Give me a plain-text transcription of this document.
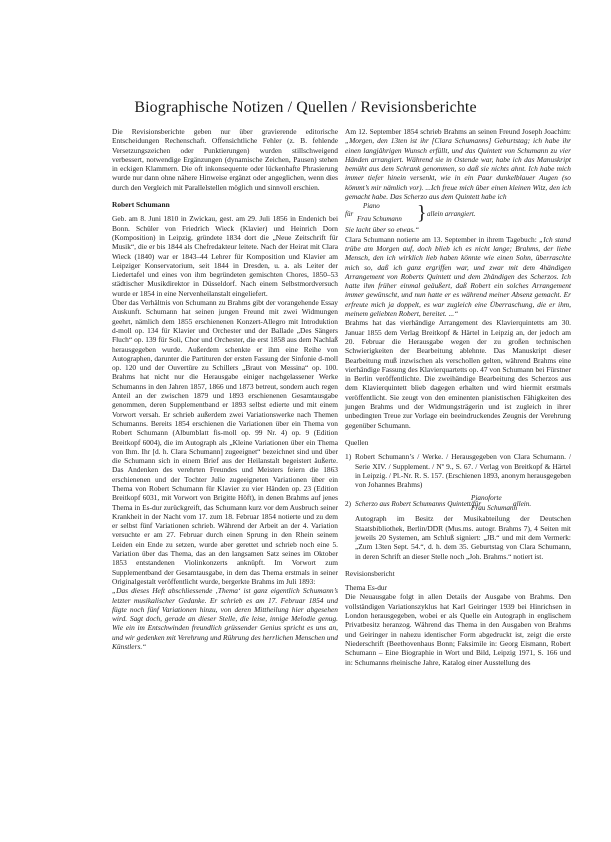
Biographische Notizen / Quellen / Revisionsberichte

Die Revisionsberichte geben nur über gravierende editorische Entscheidungen Rechenschaft. Offensichtliche Fehler (z. B. fehlende Versetzungszeichen oder Punktierungen) wurden stillschweigend verbessert, notwendige Ergänzungen (dynamische Zeichen, Pausen) stehen in eckigen Klammern. Die oft inkonsequente oder lückenhafte Phrasierung wurde nur dann ohne nähere Hinweise ergänzt oder angeglichen, wenn dies durch den Vergleich mit Parallelstellen möglich und sinnvoll erschien.

Robert Schumann

Geb. am 8. Juni 1810 in Zwickau, gest. am 29. Juli 1856 in Endenich bei Bonn. Schüler von Friedrich Wieck (Klavier) und Heinrich Dorn (Komposition) in Leipzig, gründete 1834 dort die „Neue Zeitschrift für Musik“, die er bis 1844 als Chefredakteur leitete. Nach der Heirat mit Clara Wieck (1840) war er 1843–44 Lehrer für Komposition und Klavier am Leipziger Konservatorium, seit 1844 in Dresden, u. a. als Leiter der Liedertafel und eines von ihm begründeten gemischten Chores, 1850–53 städtischer Musikdirektor in Düsseldorf. Nach einem Selbstmordversuch wurde er 1854 in eine Nervenheilanstalt eingeliefert.

Über das Verhältnis von Schumann zu Brahms gibt der vorangehende Essay Auskunft. Schumann hat seinen jungen Freund mit zwei Widmungen geehrt, nämlich dem 1855 erschienenen Konzert-Allegro mit Introduktion d-moll op. 134 für Klavier und Orchester und der Ballade „Des Sängers Fluch“ op. 139 für Soli, Chor und Orchester, die erst 1858 aus dem Nachlaß herausgegeben wurde. Außerdem schenkte er ihm eine Reihe von Autographen, darunter die Partituren der ersten Fassung der Sinfonie d-moll op. 120 und der Ouvertüre zu Schillers „Braut von Messina“ op. 100. Brahms hat nicht nur die Herausgabe einiger nachgelassener Werke Schumanns in den Jahren 1857, 1866 und 1873 betreut, sondern auch regen Anteil an der zwischen 1879 und 1893 erschienenen Gesamtausgabe genommen, deren Supplementband er 1893 selbst edierte und mit einem Vorwort versah. Er schrieb außerdem zwei Variationswerke nach Themen Schumanns. Bereits 1854 erschienen die Variationen über ein Thema von Robert Schumann (Albumblatt fis-moll op. 99 Nr. 4) op. 9 (Edition Breitkopf 6004), die im Autograph als „Kleine Variationen über ein Thema von Ihm. Ihr [d. h. Clara Schumann] zugeeignet“ bezeichnet sind und über die Schumann sich in einem Brief aus der Heilanstalt begeistert äußerte. Das Andenken des verehrten Freundes und Meisters feiern die 1863 erschienenen und der Tochter Julie zugeeigneten Variationen über ein Thema von Robert Schumann für Klavier zu vier Händen op. 23 (Edition Breitkopf 6031, mit Vorwort von Brigitte Höft), in denen Brahms auf jenes Thema in Es-dur zurückgreift, das Schumann kurz vor dem Ausbruch seiner Krankheit in der Nacht vom 17. zum 18. Februar 1854 notierte und zu dem er selbst fünf Variationen schrieb. Während der Arbeit an der 4. Variation versuchte er am 27. Februar durch einen Sprung in den Rhein seinem Leiden ein Ende zu setzen, wurde aber gerettet und schrieb noch eine 5. Variation über das Thema, das an den langsamen Satz seines im Oktober 1853 entstandenen Violinkonzerts anknüpft. Im Vorwort zum Supplementband der Gesamtausgabe, in dem das Thema erstmals in seiner Originalgestalt veröffentlicht wurde, bergerkte Brahms im Juli 1893:

„Das dieses Heft abschliessende ‚Thema‘ ist ganz eigentlich Schumann’s letzter musikalischer Gedanke. Er schrieb es am 17. Februar 1854 und fügte noch fünf Variationen hinzu, von deren Mittheilung hier abgesehen wird. Sagt doch, gerade an dieser Stelle, die leise, innige Melodie genug. Wie ein im Entschwinden freundlich grüssender Genius spricht es uns an, und wir gedenken mit Verehrung und Rührung des herrlichen Menschen und Künstlers.“

Am 12. September 1854 schrieb Brahms an seinen Freund Joseph Joachim: „Morgen, den 13ten ist ihr [Clara Schumanns] Geburtstag; ich habe ihr einen langjährigen Wunsch erfüllt, und das Quintett von Schumann zu vier Händen arrangiert. Während sie in Ostende war, habe ich das Manuskript bemüht aus dem Schrank genommen, so daß sie nichts ahnt. Ich habe mich immer tiefer hinein versenkt, wie in ein Paar dunkelblauer Augen (so kömmt’s mir nämlich vor). ...Ich freue mich über einen kleinen Witz, den ich gemacht habe. Das Scherzo aus dem Quintett habe ich

für
Piano
Frau Schumann } allein arrangiert.

Sie lacht über so etwas.“

Clara Schumann notierte am 13. September in ihrem Tagebuch: „Ich stand trübe am Morgen auf, doch blieb ich es nicht lange; Brahms, der liebe Mensch, den ich wirklich lieb haben könnte wie einen Sohn, überraschte mich so, daß ich ganz ergriffen war, und zwar mit dem 4händigen Arrangement von Roberts Quintett und dem 2händigen des Scherzos. Ich hatte ihm früher einmal geäußert, daß Robert ein solches Arrangement immer gewünscht, und nun hatte er es während meiner Absenz gemacht. Er erfreute mich ja doppelt, es war zugleich eine Überraschung, die er ihm, meinem geliebten Robert, bereitet. ...“

Brahms hat das vierhändige Arrangement des Klavierquintetts am 30. Januar 1855 dem Verlag Breitkopf & Härtel in Leipzig an, der jedoch am 20. Februar die Herausgabe wegen der zu großen technischen Schwierigkeiten der Bearbeitung ablehnte. Das Manuskript dieser Bearbeitung muß inzwischen als verschollen gelten, während Brahms eine vierhändige Fassung des Klavierquartetts op. 47 von Schumann bei Fürstner in Berlin veröffentlichte. Die zweihändige Bearbeitung des Scherzos aus dem Klavierquintett blieb dagegen erhalten und wird hiermit erstmals veröffentlicht. Sie zeugt von den eminenten pianistischen Fähigkeiten des jungen Brahms und der Widmungsträgerin und ist zugleich in ihrer unbedingten Treue zur Vorlage ein beeindruckendes Zeugnis der Verehrung gegenüber Schumann.

Quellen

1) Robert Schumann’s / Werke. / Herausgegeben von Clara Schumann. / Serie XIV. / Supplement. / Nº 9., S. 67. / Verlag von Breitkopf & Härtel in Leipzig. / Pl.-Nr. R. S. 157. (Erschienen 1893, anonym herausgegeben von Johannes Brahms)

2) Scherzo aus Robert Schumanns Quintett/für
Pianoforte
Frau Schumann
allein.

Autograph im Besitz der Musikabteilung der Deutschen Staatsbibliothek, Berlin/DDR (Mus.ms. autogr. Brahms 7), 4 Seiten mit jeweils 20 Systemen, am Schluß signiert: „JB.“ und mit dem Vermerk: „Zum 13ten Sept. 54.“, d. h. dem 35. Geburtstag von Clara Schumann, in deren Schrift an dieser Stelle noch „Joh. Brahms.“ notiert ist.

Revisionsbericht

Thema Es-dur

Die Neuausgabe folgt in allen Details der Ausgabe von Brahms. Den vollständigen Variationszyklus hat Karl Geiringer 1939 bei Hinrichsen in London herausgegeben, wobei er als Quelle ein Autograph in englischem Privatbesitz heranzog. Während das Thema in den Ausgaben von Brahms und Geiringer in nahezu identischer Form abgedruckt ist, zeigt die erste Niederschrift (Beethovenhaus Bonn; Faksimile in: Georg Eismann, Robert Schumann – Eine Biographie in Wort und Bild, Leipzig 1971, S. 166 und in: Schumanns rheinische Jahre, Katalog einer Ausstellung des
